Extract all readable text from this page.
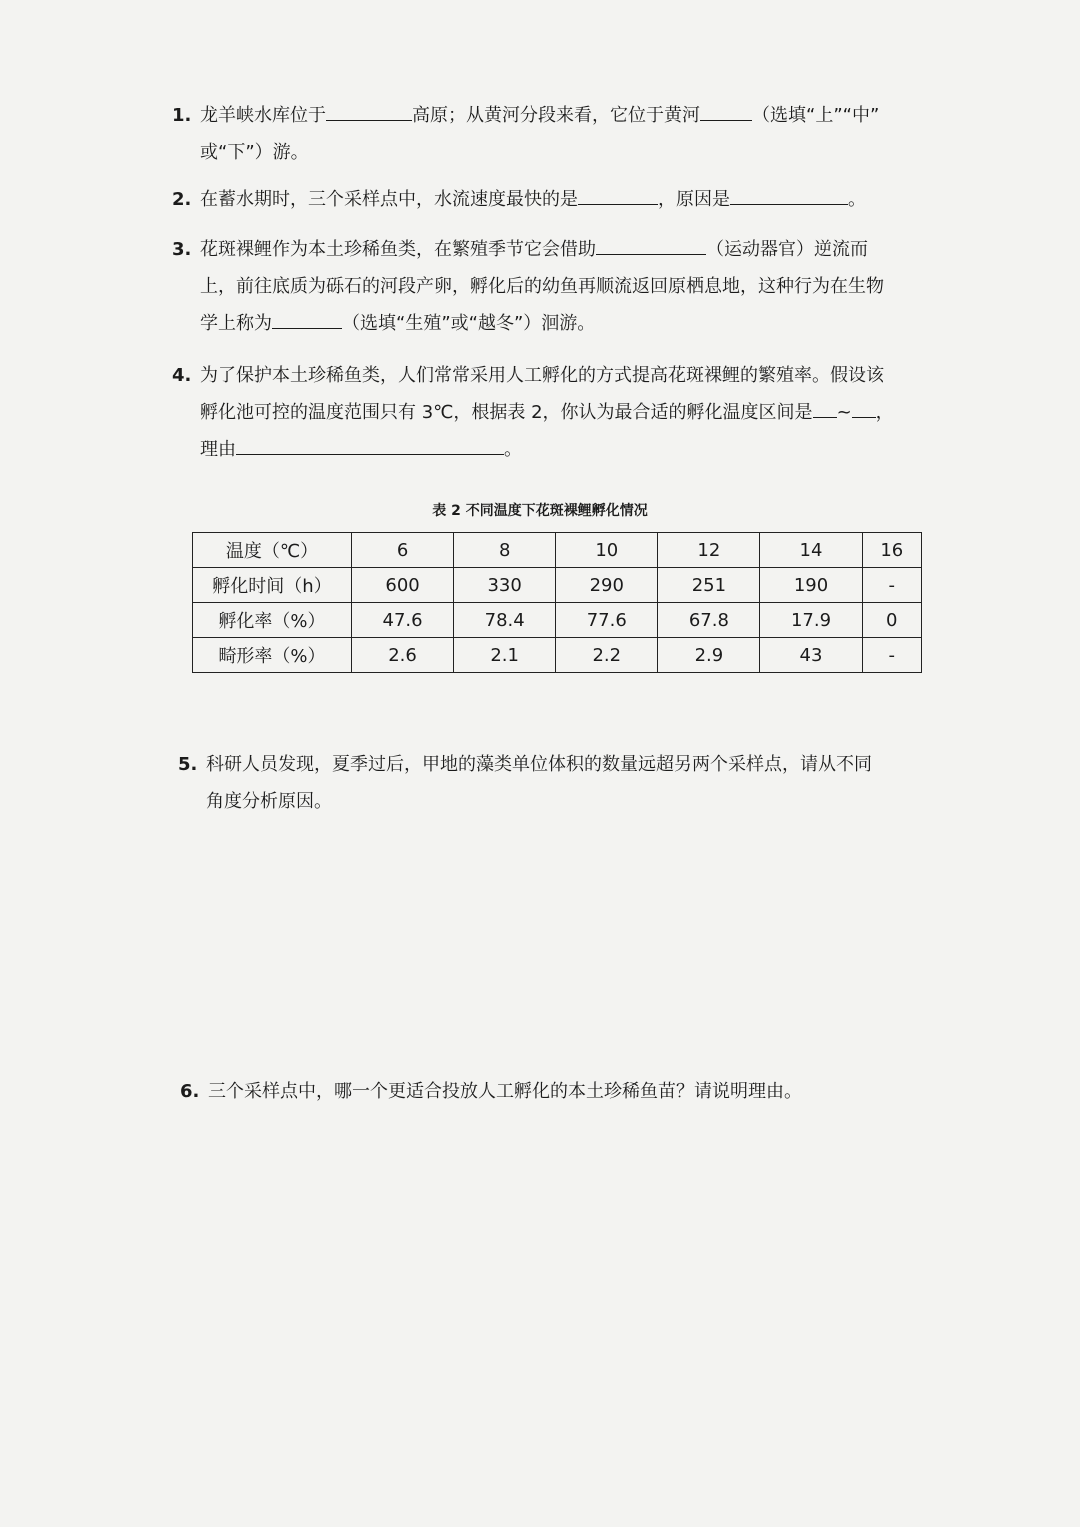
1. 龙羊峡水库位于	高原；从黄河分段来看，它位于黄河	（选填“上”“中”
或“下”）游。
2. 在蓄水期时，三个采样点中，水流速度最快的是	，原因是	。
3. 花斑裸鲤作为本土珍稀鱼类，在繁殖季节它会借助	（运动器官）逆流而
上，前往底质为砾石的河段产卵，孵化后的幼鱼再顺流返回原栖息地，这种行为在生物
学上称为	（选填“生殖”或“越冬”）洄游。
4. 为了保护本土珍稀鱼类，人们常常采用人工孵化的方式提高花斑裸鲤的繁殖率。假设该
孵化池可控的温度范围只有 3℃，根据表 2，你认为最合适的孵化温度区间是 ~ ，
理由	。
表 2 不同温度下花斑裸鲤孵化情况
温度（℃）	6	8	10	12	14	16
孵化时间（h）	600	330	290	251	190	-
孵化率（%）	47.6	78.4	77.6	67.8	17.9	0
畸形率（%）	2.6	2.1	2.2	2.9	43	-
5. 科研人员发现，夏季过后，甲地的藻类单位体积的数量远超另两个采样点，请从不同
角度分析原因。
6. 三个采样点中，哪一个更适合投放人工孵化的本土珍稀鱼苗？请说明理由。
